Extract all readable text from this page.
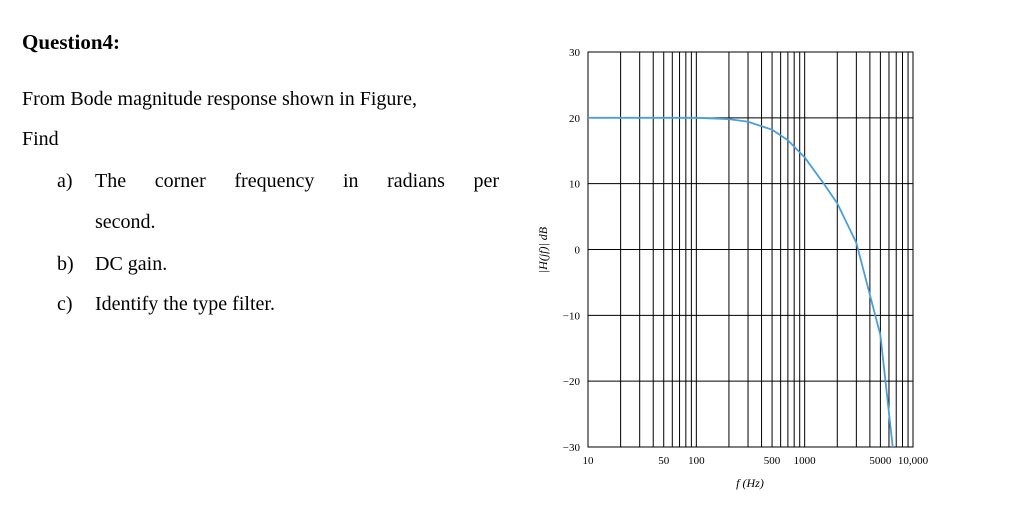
Question4:
From Bode magnitude response shown in Figure,
Find
a) The corner frequency in radians per
second.
b) DC gain.
c) Identify the type filter.
30
20
10
0
−10
−20
−30
10	50 100	500 1000	5000 10,000
f (Hz)
|H(jf)| dB
